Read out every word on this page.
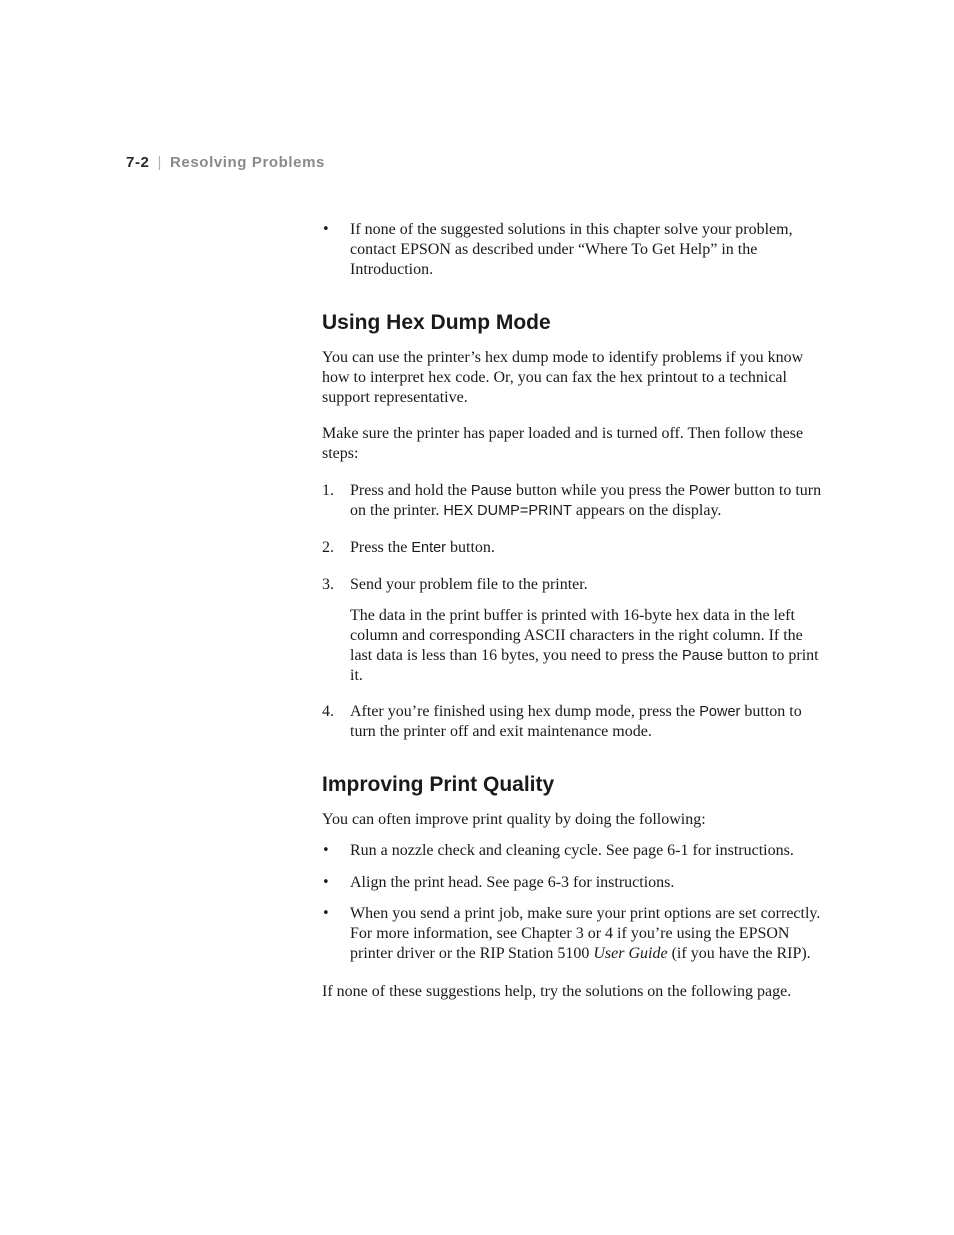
7-2 | Resolving Problems
• If none of the suggested solutions in this chapter solve your problem, contact EPSON as described under “Where To Get Help” in the Introduction.

Using Hex Dump Mode

You can use the printer’s hex dump mode to identify problems if you know how to interpret hex code. Or, you can fax the hex printout to a technical support representative.

Make sure the printer has paper loaded and is turned off. Then follow these steps:

1. Press and hold the Pause button while you press the Power button to turn on the printer. HEX DUMP=PRINT appears on the display.

2. Press the Enter button.

3. Send your problem file to the printer.

The data in the print buffer is printed with 16-byte hex data in the left column and corresponding ASCII characters in the right column. If the last data is less than 16 bytes, you need to press the Pause button to print it.

4. After you’re finished using hex dump mode, press the Power button to turn the printer off and exit maintenance mode.

Improving Print Quality

You can often improve print quality by doing the following:

• Run a nozzle check and cleaning cycle. See page 6-1 for instructions.

• Align the print head. See page 6-3 for instructions.

• When you send a print job, make sure your print options are set correctly. For more information, see Chapter 3 or 4 if you’re using the EPSON printer driver or the RIP Station 5100 User Guide (if you have the RIP).

If none of these suggestions help, try the solutions on the following page.
